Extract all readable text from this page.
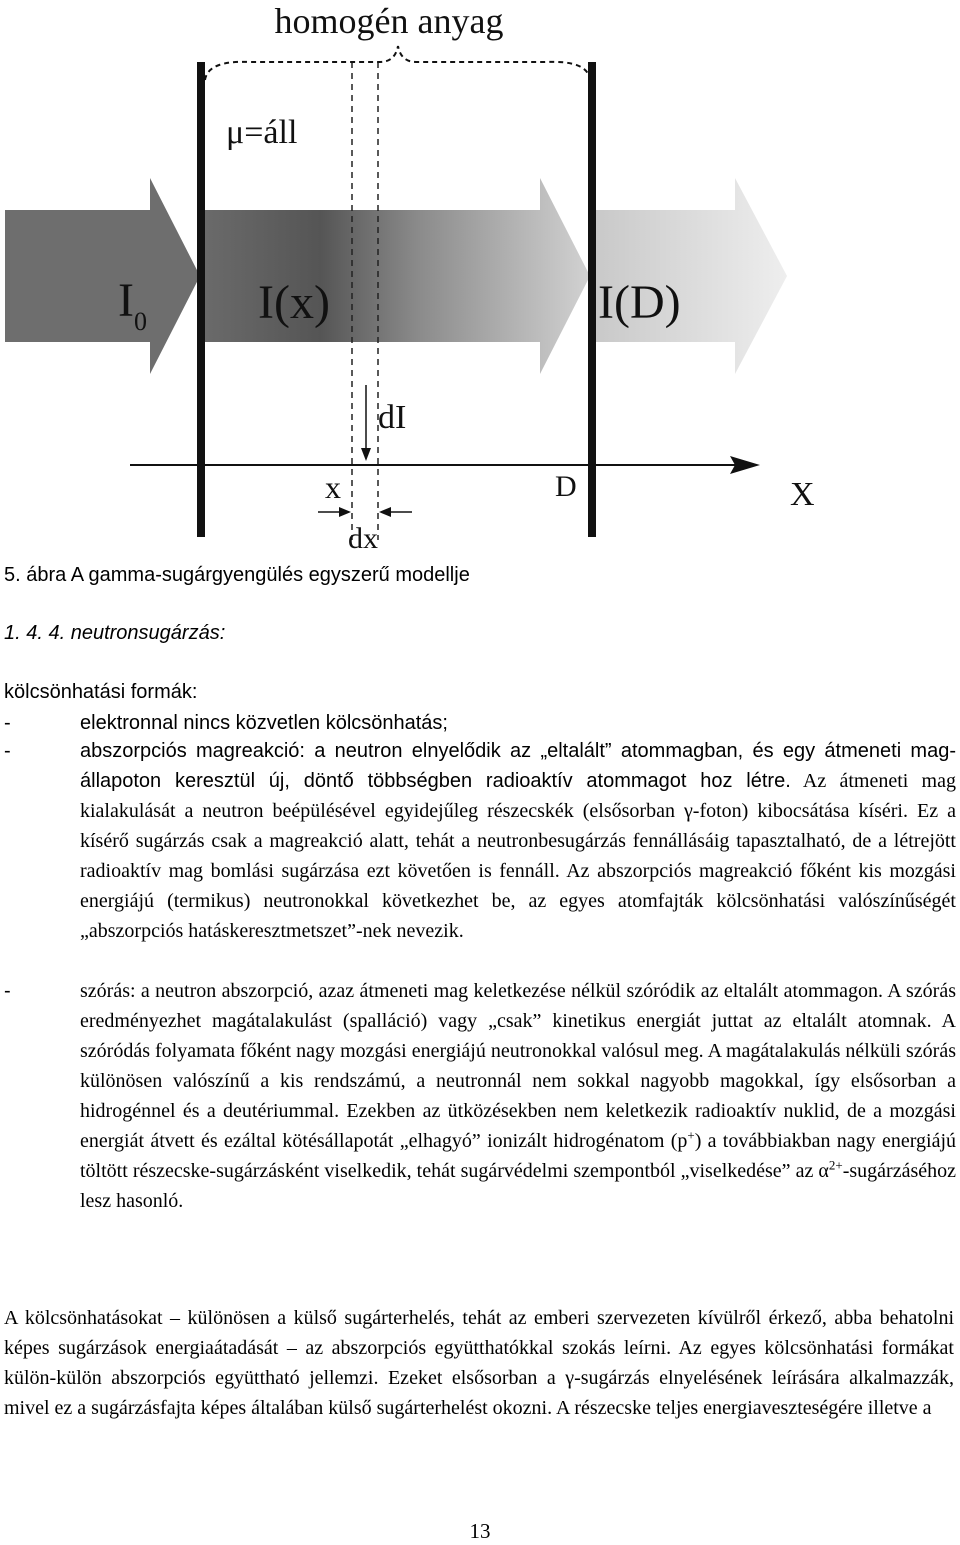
homogén anyag
μ=áll
$I_0$ I(x)	I(D)
dI
x	D	X
dx
5. ábra A gamma-sugárgyengülés egyszerű modellje
1. 4. 4. neutronsugárzás:
kölcsönhatási formák:
-	elektronnal nincs közvetlen kölcsönhatás;
-	abszorpciós magreakció: a neutron elnyelődik az „eltalált” atommagban, és egy átmeneti mag-állapoton keresztül új, döntő többségben radioaktív atommagot hoz létre. Az átmeneti mag kialakulását a neutron beépülésével egyidejűleg részecskék (elsősorban γ-foton) kibocsátása kíséri. Ez a kísérő sugárzás csak a magreakció alatt, tehát a neutronbesugárzás fennállásáig tapasztalható, de a létrejött radioaktív mag bomlási sugárzása ezt követően is fennáll. Az abszorpciós magreakció főként kis mozgási energiájú (termikus) neutronokkal következhet be, az egyes atomfajták kölcsönhatási valószínűségét „abszorpciós hatáskeresztmetszet”-nek nevezik.
-	szórás: a neutron abszorpció, azaz átmeneti mag keletkezése nélkül szóródik az eltalált atommagon. A szórás eredményezhet magátalakulást (spalláció) vagy „csak” kinetikus energiát juttat az eltalált atomnak. A szóródás folyamata főként nagy mozgási energiájú neutronokkal valósul meg. A magátalakulás nélküli szórás különösen valószínű a kis rendszámú, a neutronnál nem sokkal nagyobb magokkal, így elsősorban a hidrogénnel és a deutériummal. Ezekben az ütközésekben nem keletkezik radioaktív nuklid, de a mozgási energiát átvett és ezáltal kötésállapotát „elhagyó” ionizált hidrogénatom (p+) a továbbiakban nagy energiájú töltött részecske-sugárzásként viselkedik, tehát sugárvédelmi szempontból „viselkedése” az $\alpha^{2+}$-sugárzáséhoz lesz hasonló.
A kölcsönhatásokat – különösen a külső sugárterhelés, tehát az emberi szervezeten kívülről érkező, abba behatolni képes sugárzások energiaátadását – az abszorpciós együtthatókkal szokás leírni. Az egyes kölcsönhatási formákat külön-külön abszorpciós együttható jellemzi. Ezeket elsősorban a γ-sugárzás elnyelésének leírására alkalmazzák, mivel ez a sugárzásfajta képes általában külső sugárterhelést okozni. A részecske teljes energiaveszteségére illetve a
13
